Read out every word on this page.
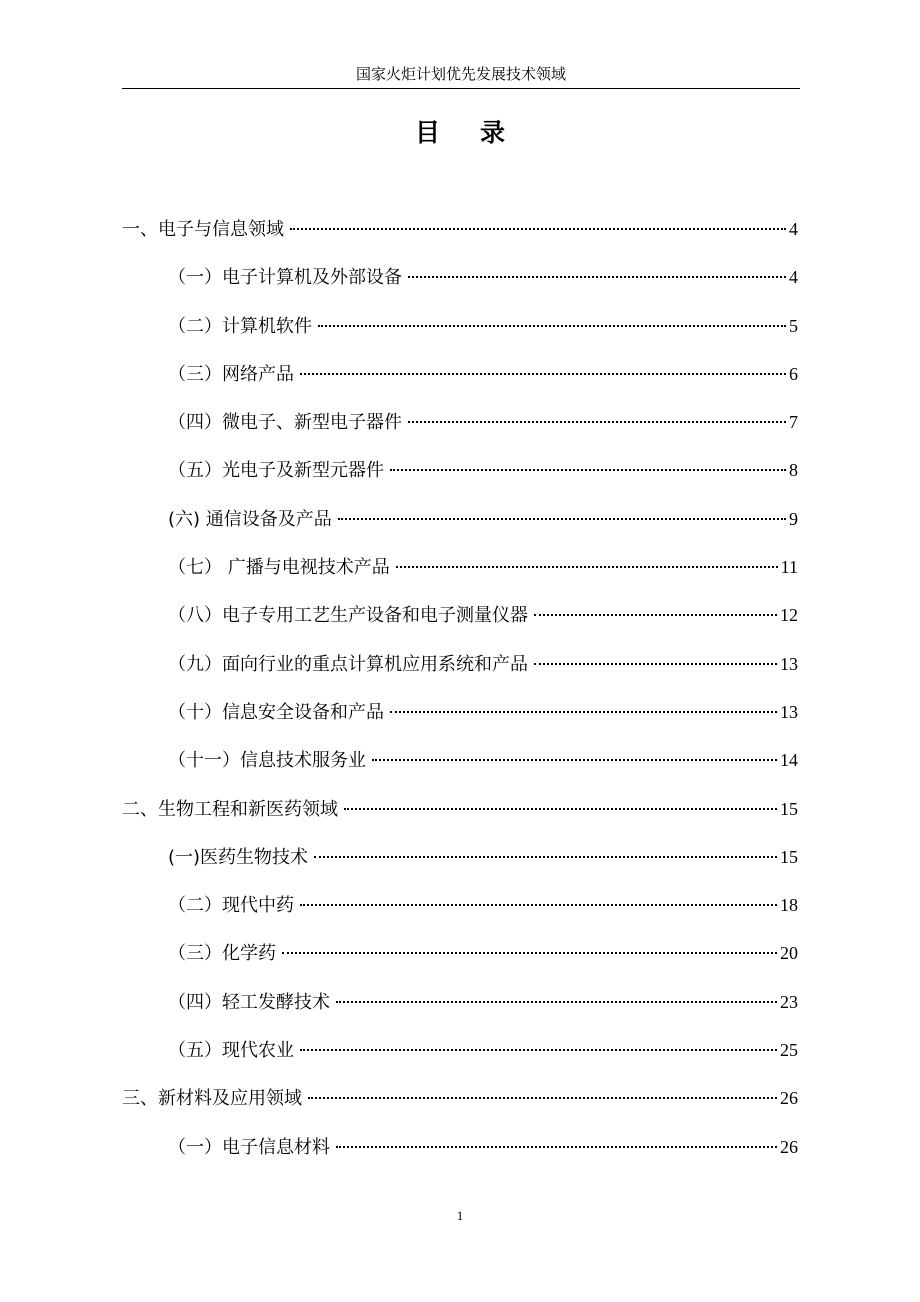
国家火炬计划优先发展技术领域
目录
一、电子与信息领域	4
（一）电子计算机及外部设备	4
（二）计算机软件	5
（三）网络产品	6
（四）微电子、新型电子器件	7
（五）光电子及新型元器件	8
(六) 通信设备及产品	9
（七） 广播与电视技术产品	11
（八）电子专用工艺生产设备和电子测量仪器	12
（九）面向行业的重点计算机应用系统和产品	13
（十）信息安全设备和产品	13
（十一）信息技术服务业	14
二、生物工程和新医药领域	15
(一)医药生物技术	15
（二）现代中药	18
（三）化学药	20
（四）轻工发酵技术	23
（五）现代农业	25
三、新材料及应用领域	26
（一）电子信息材料	26
1
